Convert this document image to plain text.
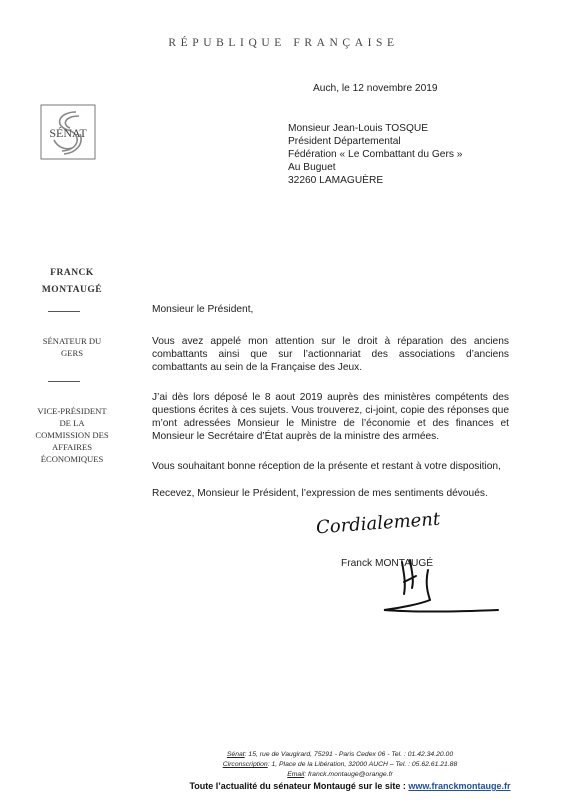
RÉPUBLIQUE FRANÇAISE
SÉNAT
FRANCK
MONTAUGÉ
SÉNATEUR DU
GERS
VICE-PRÉSIDENT
DE LA
COMMISSION DES
AFFAIRES
ÉCONOMIQUES
Auch, le 12 novembre 2019
Monsieur Jean-Louis TOSQUE
Président Départemental
Fédération « Le Combattant du Gers »
Au Buguet
32260 LAMAGUÈRE
Monsieur le Président,
Vous avez appelé mon attention sur le droit à réparation des anciens combattants ainsi que sur l’actionnariat des associations d’anciens combattants au sein de la Française des Jeux.
J’ai dès lors déposé le 8 aout 2019 auprès des ministères compétents des questions écrites à ces sujets. Vous trouverez, ci-joint, copie des réponses que m’ont adressées Monsieur le Ministre de l’économie et des finances et Monsieur le Secrétaire d’État auprès de la ministre des armées.
Vous souhaitant bonne réception de la présente et restant à votre disposition,
Recevez, Monsieur le Président, l’expression de mes sentiments dévoués.
Cordialement
Franck MONTAUGÉ
Sénat: 15, rue de Vaugirard, 75291 - Paris Cedex 06 - Tel. : 01.42.34.20.00
Circonscription: 1, Place de la Libération, 32000 AUCH – Tel. : 05.62.61.21.88
Email: franck.montauge@orange.fr
Toute l’actualité du sénateur Montaugé sur le site : www.franckmontauge.fr
